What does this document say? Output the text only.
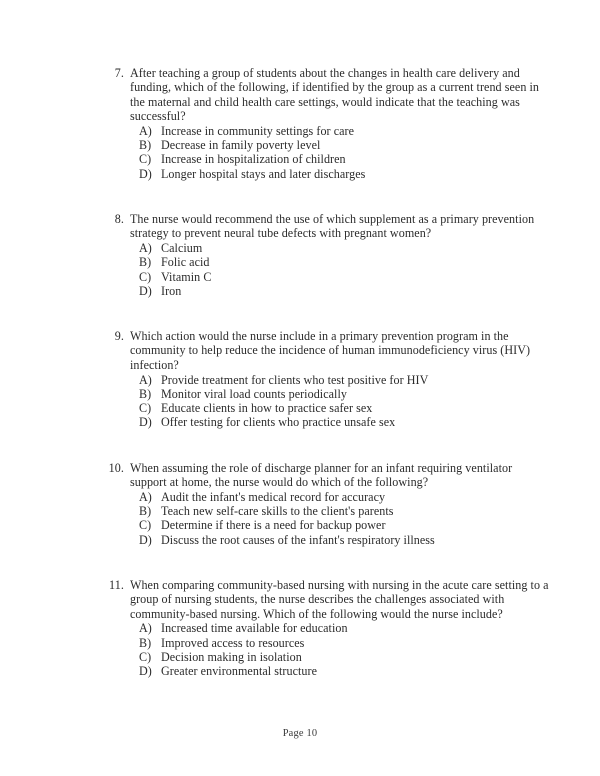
7. After teaching a group of students about the changes in health care delivery and funding, which of the following, if identified by the group as a current trend seen in the maternal and child health care settings, would indicate that the teaching was successful?
A) Increase in community settings for care
B) Decrease in family poverty level
C) Increase in hospitalization of children
D) Longer hospital stays and later discharges
8. The nurse would recommend the use of which supplement as a primary prevention strategy to prevent neural tube defects with pregnant women?
A) Calcium
B) Folic acid
C) Vitamin C
D) Iron
9. Which action would the nurse include in a primary prevention program in the community to help reduce the incidence of human immunodeficiency virus (HIV) infection?
A) Provide treatment for clients who test positive for HIV
B) Monitor viral load counts periodically
C) Educate clients in how to practice safer sex
D) Offer testing for clients who practice unsafe sex
10. When assuming the role of discharge planner for an infant requiring ventilator support at home, the nurse would do which of the following?
A) Audit the infant's medical record for accuracy
B) Teach new self-care skills to the client's parents
C) Determine if there is a need for backup power
D) Discuss the root causes of the infant's respiratory illness
11. When comparing community-based nursing with nursing in the acute care setting to a group of nursing students, the nurse describes the challenges associated with community-based nursing. Which of the following would the nurse include?
A) Increased time available for education
B) Improved access to resources
C) Decision making in isolation
D) Greater environmental structure
Page 10
